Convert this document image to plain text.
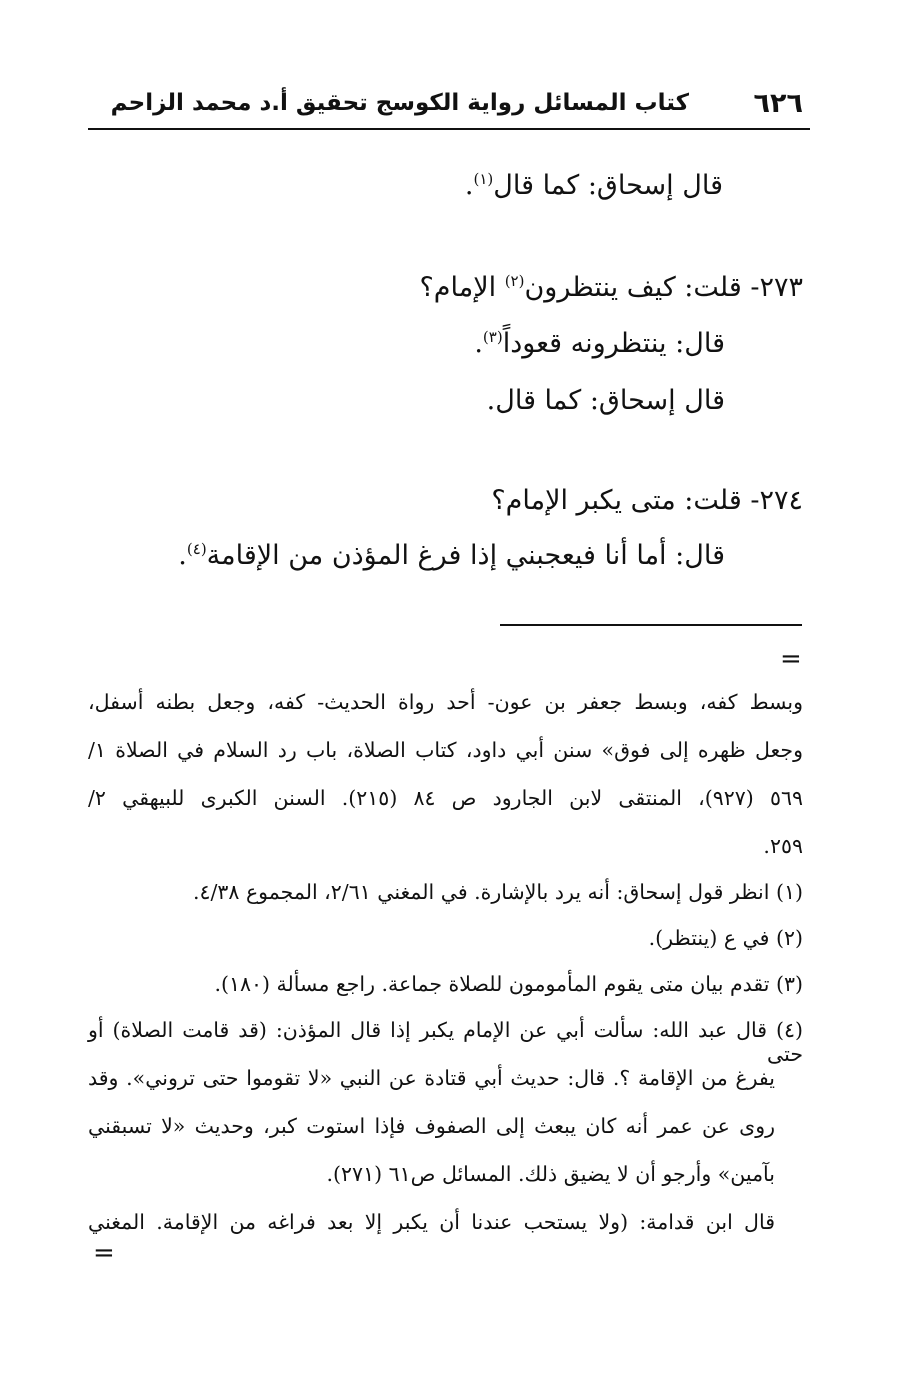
٦٢٦
كتاب المسائل رواية الكوسج تحقيق أ.د محمد الزاحم
قال إسحاق: كما قال$^{(١)}$.
٢٧٣- قلت: كيف ينتظرون$^{(٢)}$ الإمام؟
قال: ينتظرونه قعوداً$^{(٣)}$.
قال إسحاق: كما قال.
٢٧٤- قلت: متى يكبر الإمام؟
قال: أما أنا فيعجبني إذا فرغ المؤذن من الإقامة$^{(٤)}$.
=
وبسط كفه، وبسط جعفر بن عون- أحد رواة الحديث- كفه، وجعل بطنه أسفل،
وجعل ظهره إلى فوق» سنن أبي داود، كتاب الصلاة، باب رد السلام في الصلاة ١/
٥٦٩ (٩٢٧)، المنتقى لابن الجارود ص ٨٤ (٢١٥). السنن الكبرى للبيهقي ٢/
٢٥٩.
(١) انظر قول إسحاق: أنه يرد بالإشارة. في المغني ٢/٦١، المجموع ٤/٣٨.
(٢) في ع (ينتظر).
(٣) تقدم بيان متى يقوم المأمومون للصلاة جماعة. راجع مسألة (١٨٠).
(٤) قال عبد الله: سألت أبي عن الإمام يكبر إذا قال المؤذن: (قد قامت الصلاة) أو حتى
يفرغ من الإقامة ؟. قال: حديث أبي قتادة عن النبي «لا تقوموا حتى تروني». وقد
روى عن عمر أنه كان يبعث إلى الصفوف فإذا استوت كبر، وحديث «لا تسبقني
بآمين» وأرجو أن لا يضيق ذلك. المسائل ص٦١ (٢٧١).
قال ابن قدامة: (ولا يستحب عندنا أن يكبر إلا بعد فراغه من الإقامة. المغني
=
